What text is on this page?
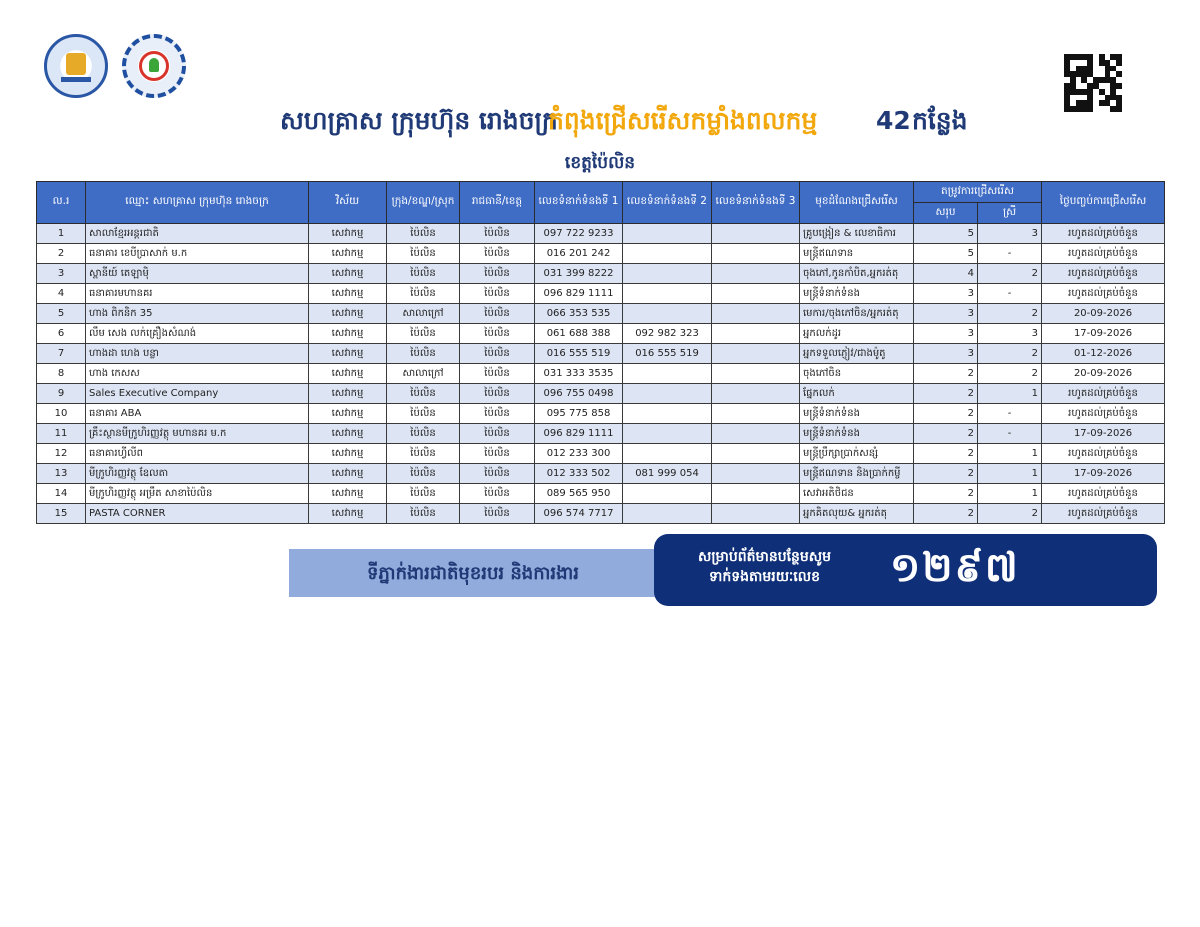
សហគ្រាស ក្រុមហ៊ុន រោងចក្រ
កំពុងជ្រើសរើសកម្លាំងពលកម្ម 42 កន្លែង
ខេត្តប៉ៃលិន
ល.រ	ឈ្មោះ សហគ្រាស ក្រុមហ៊ុន រោងចក្រ	វិស័យ	ក្រុង/ខណ្ឌ/ស្រុក	រាជធានី/ខេត្ត	លេខទំនាក់ទំនងទី 1	លេខទំនាក់ទំនងទី 2	លេខទំនាក់ទំនងទី 3	មុខដំណែងជ្រើសរើស	តម្រូវការជ្រើសរើស		ថ្ងៃបញ្ចប់ការជ្រើសរើស
									សរុប	ស្រី	
1	សាលាខ្មែរអន្តរជាតិ	សេវាកម្ម	ប៉ៃលិន	ប៉ៃលិន	097 722 9233			គ្រូបង្រៀន & លេខាធិការ	5	3	រហូតដល់គ្រប់ចំនួន
2	ធនាគារ ខេបីប្រាសាក់ ម.ក	សេវាកម្ម	ប៉ៃលិន	ប៉ៃលិន	016 201 242			មន្ត្រីឥណទាន	5	-	រហូតដល់គ្រប់ចំនួន
3	ស្ពានីយ៍ តេឡាម៉ិ	សេវាកម្ម	ប៉ៃលិន	ប៉ៃលិន	031 399 8222			ចុងភៅ,កូនកាំបិត,អ្នករត់តុ	4	2	រហូតដល់គ្រប់ចំនួន
4	ធនាគារមហានគរ	សេវាកម្ម	ប៉ៃលិន	ប៉ៃលិន	096 829 1111			មន្ត្រីទំនាក់ទំនង	3	-	រហូតដល់គ្រប់ចំនួន
5	ហាង ពិកនិក 35	សេវាកម្ម	សាលាក្រៅ	ប៉ៃលិន	066 353 535			មេការ/ចុងភៅចិន/អ្នករត់តុ	3	2	20-09-2026
6	លឹម សេង លក់គ្រឿងសំណង់	សេវាកម្ម	ប៉ៃលិន	ប៉ៃលិន	061 688 388	092 982 323		អ្នកលក់ដូរ	3	3	17-09-2026
7	ហាងដា ហេង បន្លា	សេវាកម្ម	ប៉ៃលិន	ប៉ៃលិន	016 555 519	016 555 519		អ្នកទទួលភ្ញៀវ/ជាងម៉ូតូ	3	2	01-12-2026
8	ហាង កេសស	សេវាកម្ម	សាលាក្រៅ	ប៉ៃលិន	031 333 3535			ចុងភៅចិន	2	2	20-09-2026
9	Sales Executive Company	សេវាកម្ម	ប៉ៃលិន	ប៉ៃលិន	096 755 0498			ផ្នែកលក់	2	1	រហូតដល់គ្រប់ចំនួន
10	ធនាគារ ABA	សេវាកម្ម	ប៉ៃលិន	ប៉ៃលិន	095 775 858			មន្ត្រីទំនាក់ទំនង	2	-	រហូតដល់គ្រប់ចំនួន
11	គ្រឹះស្ថានមីក្រូហិរញ្ញវត្ថុ មហានគរ ម.ក	សេវាកម្ម	ប៉ៃលិន	ប៉ៃលិន	096 829 1111			មន្ត្រីទំនាក់ទំនង	2	-	17-09-2026
12	ធនាគារហ្វីលីព	សេវាកម្ម	ប៉ៃលិន	ប៉ៃលិន	012 233 300			មន្ត្រីប្រឹក្សាប្រាក់សន្សំ	2	1	រហូតដល់គ្រប់ចំនួន
13	មីក្រូហិរញ្ញវត្ថុ ឧែលតា	សេវាកម្ម	ប៉ៃលិន	ប៉ៃលិន	012 333 502	081 999 054		មន្ត្រីឥណទាន និងប្រាក់កម្ចី	2	1	17-09-2026
14	មីក្រូហិរញ្ញវត្ថុ អម្រឹត សាខាប៉ៃលិន	សេវាកម្ម	ប៉ៃលិន	ប៉ៃលិន	089 565 950			សេវាអតិថិជន	2	1	រហូតដល់គ្រប់ចំនួន
15	PASTA CORNER	សេវាកម្ម	ប៉ៃលិន	ប៉ៃលិន	096 574 7717			អ្នកគិតលុយ& អ្នករត់តុ	2	2	រហូតដល់គ្រប់ចំនួន
ទីភ្នាក់ងារជាតិមុខរបរ និងការងារ
សម្រាប់ព័ត៌មានបន្ថែមសូម
ទាក់ទងតាមរយៈលេខ ១២៩៧
